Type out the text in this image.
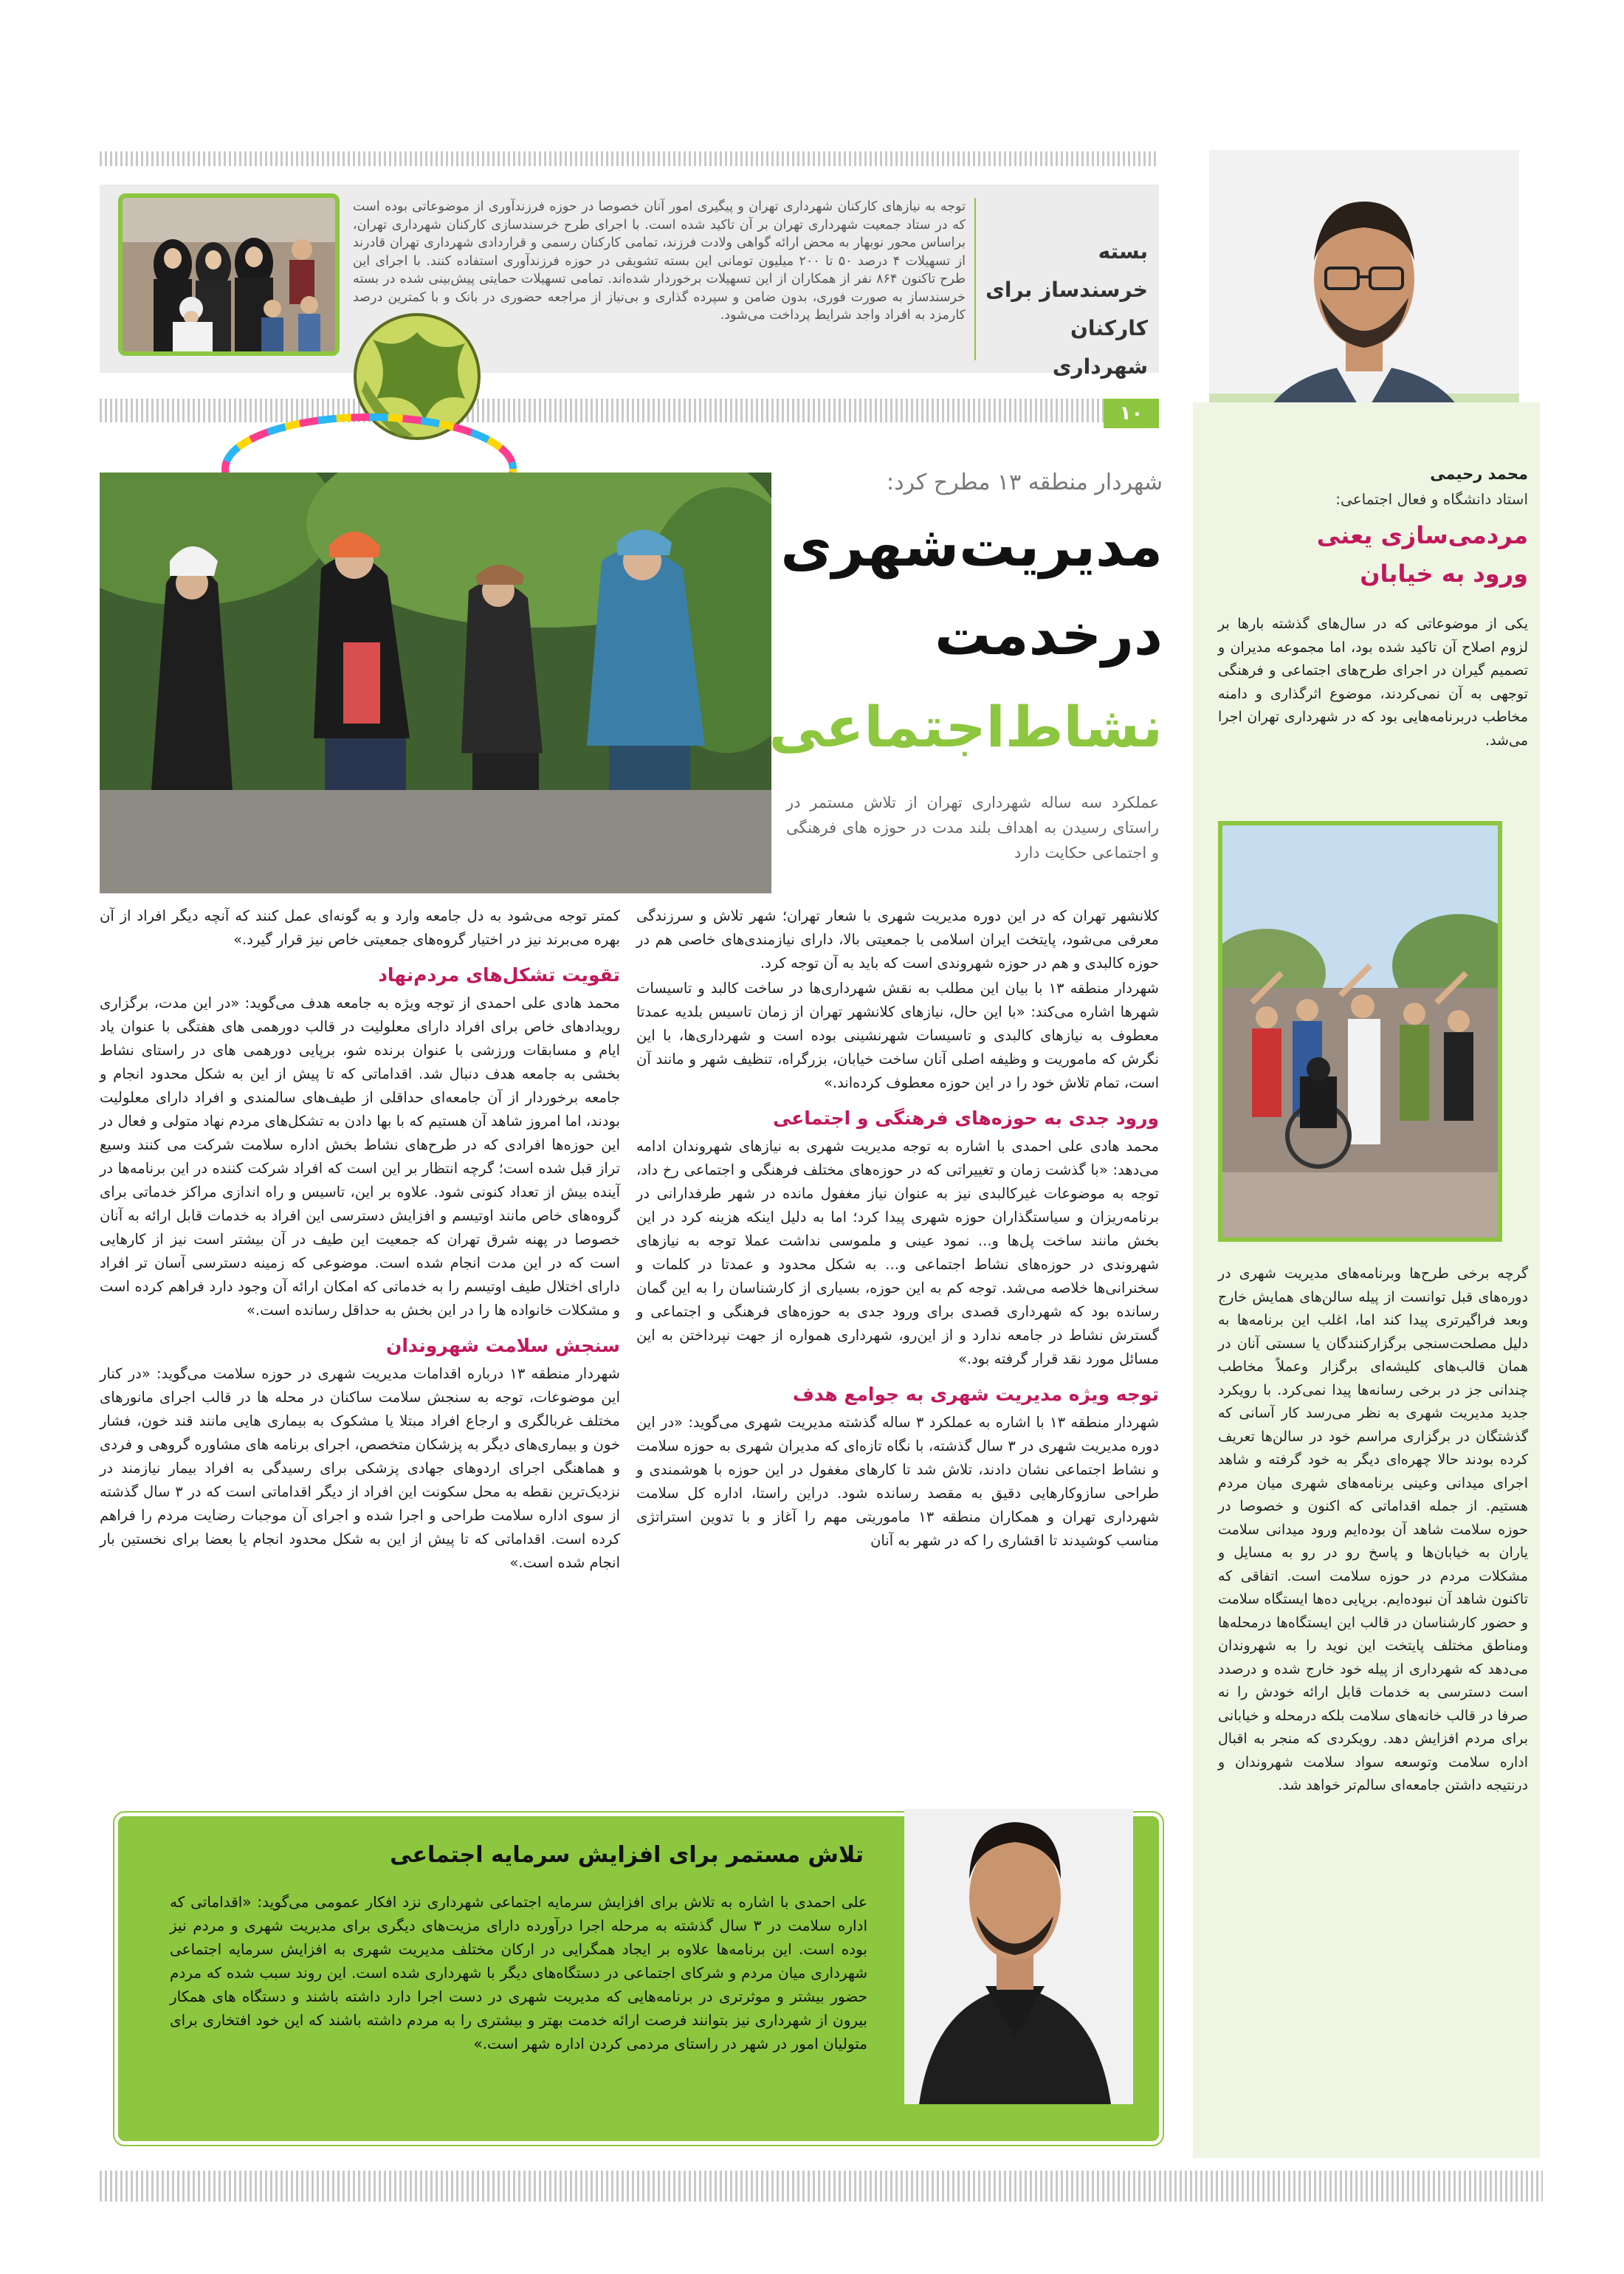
بسته خرسندساز برای کارکنان شهرداری

توجه به نیازهای کارکنان شهرداری تهران و پیگیری امور آنان خصوصا در حوزه فرزندآوری از موضوعاتی بوده است که در ستاد جمعیت شهرداری تهران بر آن تاکید شده است. با اجرای طرح خرسندسازی کارکنان شهرداری تهران، براساس محور نوبهار به محض ارائه گواهی ولادت فرزند، تمامی کارکنان رسمی و قراردادی شهرداری تهران قادرند از تسهیلات ۴ درصد ۵۰ تا ۲۰۰ میلیون تومانی این بسته تشویقی در حوزه فرزندآوری استفاده کنند. با اجرای این طرح تاکنون ۸۶۴ نفر از همکاران از این تسهیلات برخوردار شده‌اند. تمامی تسهیلات حمایتی پیش‌بینی شده در بسته خرسندساز به صورت فوری، بدون ضامن و سپرده گذاری و بی‌نیاز از مراجعه حضوری در بانک و با کمترین درصد کارمزد به افراد واجد شرایط پرداخت می‌شود.

محمد رحیمی
استاد دانشگاه و فعال اجتماعی:
مردمی‌سازی یعنی
ورود به خیابان

یکی از موضوعاتی که در سال‌های گذشته بارها بر لزوم اصلاح آن تاکید شده بود، اما مجموعه مدیران و تصمیم گیران در اجرای طرح‌های اجتماعی و فرهنگی توجهی به آن نمی‌کردند، موضوع اثرگذاری و دامنه مخاطب دربرنامه‌هایی بود که در شهرداری تهران اجرا می‌شد.

گرچه برخی طرح‌ها وبرنامه‌های مدیریت شهری در دوره‌های قبل توانست از پیله سالن‌های همایش خارج وبعد فراگیرتری پیدا کند اما، اغلب این برنامه‌ها به دلیل مصلحت‌سنجی برگزارکنندگان یا سستی آنان در همان قالب‌های کلیشه‌ای برگزار وعملاً مخاطب چندانی جز در برخی رسانه‌ها پیدا نمی‌کرد. با رویکرد جدید مدیریت شهری به نظر می‌رسد کار آسانی که گذشتگان در برگزاری مراسم خود در سالن‌ها تعریف کرده بودند حالا چهره‌ای دیگر به خود گرفته و شاهد اجرای میدانی وعینی برنامه‌های شهری میان مردم هستیم. از جمله اقداماتی که اکنون و خصوصا در حوزه سلامت شاهد آن بوده‌ایم ورود میدانی سلامت یاران به خیابان‌ها و پاسخ رو در رو به مسایل و مشکلات مردم در حوزه سلامت است. اتفاقی که تاکنون شاهد آن نبوده‌ایم. برپایی ده‌ها ایستگاه سلامت و حضور کارشناسان در قالب این ایستگاه‌ها درمحله‌ها ومناطق مختلف پایتخت این نوید را به شهروندان می‌دهد که شهرداری از پیله خود خارج شده و درصدد است دسترسی به خدمات قابل ارائه خودش را نه صرفا در قالب خانه‌های سلامت بلکه درمحله و خیابانی برای مردم افزایش دهد. رویکردی که منجر به اقبال اداره سلامت وتوسعه سواد سلامت شهروندان و درنتیجه داشتن جامعه‌ای سالم‌تر خواهد شد.

۱۰
شهردار منطقه ۱۳ مطرح کرد:
مدیریت‌شهری
درخدمت
نشاط‌اجتماعی
عملکرد سه ساله شهرداری تهران از تلاش مستمر در راستای رسیدن به اهداف بلند مدت در حوزه های فرهنگی و اجتماعی حکایت دارد

کلانشهر تهران که در این دوره مدیریت شهری با شعار تهران؛ شهر تلاش و سرزندگی معرفی می‌شود، پایتخت ایران اسلامی با جمعیتی بالا، دارای نیازمندی‌های خاصی هم در حوزه کالبدی و هم در حوزه شهروندی است که باید به آن توجه کرد.

شهردار منطقه ۱۳ با بیان این مطلب به نقش شهرداری‌ها در ساخت کالبد و تاسیسات شهرها اشاره می‌کند: «با این حال، نیازهای کلانشهر تهران از زمان تاسیس بلدیه عمدتا معطوف به نیازهای کالبدی و تاسیسات شهرنشینی بوده است و شهرداری‌ها، با این نگرش که ماموریت و وظیفه اصلی آنان ساخت خیابان، بزرگراه، تنظیف شهر و مانند آن است، تمام تلاش خود را در این حوزه معطوف کرده‌اند.»

ورود جدی به حوزه‌های فرهنگی و اجتماعی

محمد هادی علی احمدی با اشاره به توجه مدیریت شهری به نیازهای شهروندان ادامه می‌دهد: «با گذشت زمان و تغییراتی که در حوزه‌های مختلف فرهنگی و اجتماعی رخ داد، توجه به موضوعات غیرکالبدی نیز به عنوان نیاز مغفول مانده در شهر طرفدارانی در برنامه‌ریزان و سیاستگذاران حوزه شهری پیدا کرد؛ اما به دلیل اینکه هزینه کرد در این بخش مانند ساخت پل‌ها و... نمود عینی و ملموسی نداشت عملا توجه به نیازهای شهروندی در حوزه‌های نشاط اجتماعی و... به شکل محدود و عمدتا در کلمات و سخنرانی‌ها خلاصه می‌شد. توجه کم به این حوزه، بسیاری از کارشناسان را به این گمان رسانده بود که شهرداری قصدی برای ورود جدی به حوزه‌های فرهنگی و اجتماعی و گسترش نشاط در جامعه ندارد و از این‌رو، شهرداری همواره از جهت نپرداختن به این مسائل مورد نقد قرار گرفته بود.»

توجه ویژه مدیریت شهری به جوامع هدف

شهردار منطقه ۱۳ با اشاره به عملکرد ۳ ساله گذشته مدیریت شهری می‌گوید: «در این دوره مدیریت شهری در ۳ سال گذشته، با نگاه تازه‌ای که مدیران شهری به حوزه سلامت و نشاط اجتماعی نشان دادند، تلاش شد تا کارهای مغفول در این حوزه با هوشمندی و طراحی سازوکارهایی دقیق به مقصد رسانده شود. دراین راستا، اداره کل سلامت شهرداری تهران و همکاران منطقه ۱۳ ماموریتی مهم را آغاز و با تدوین استراتژی مناسب کوشیدند تا اقشاری را که در شهر به آنان

کمتر توجه می‌شود به دل جامعه وارد و به گونه‌ای عمل کنند که آنچه دیگر افراد از آن بهره می‌برند نیز در اختیار گروه‌های جمعیتی خاص نیز قرار گیرد.»

تقویت تشکل‌های مردم‌نهاد

محمد هادی علی احمدی از توجه ویژه به جامعه هدف می‌گوید: «در این مدت، برگزاری رویدادهای خاص برای افراد دارای معلولیت در قالب دورهمی های هفتگی با عنوان یاد ایام و مسابقات ورزشی با عنوان برنده شو، برپایی دورهمی های در راستای نشاط بخشی به جامعه هدف دنبال شد. اقداماتی که تا پیش از این به شکل محدود انجام و جامعه برخوردار از آن جامعه‌ای حداقلی از طیف‌های سالمندی و افراد دارای معلولیت بودند، اما امروز شاهد آن هستیم که با بها دادن به تشکل‌های مردم نهاد متولی و فعال در این حوزه‌ها افرادی که در طرح‌های نشاط بخش اداره سلامت شرکت می کنند وسیع تراز قبل شده است؛ گرچه انتظار بر این است که افراد شرکت کننده در این برنامه‌ها در آینده بیش از تعداد کنونی شود. علاوه بر این، تاسیس و راه اندازی مراکز خدماتی برای گروه‌های خاص مانند اوتیسم و افزایش دسترسی این افراد به خدمات قابل ارائه به آنان خصوصا در پهنه شرق تهران که جمعیت این طیف در آن بیشتر است نیز از کارهایی است که در این مدت انجام شده است. موضوعی که زمینه دسترسی آسان تر افراد دارای اختلال طیف اوتیسم را به خدماتی که امکان ارائه آن وجود دارد فراهم کرده است و مشکلات خانواده ها را در این بخش به حداقل رسانده است.»

سنجش سلامت شهروندان

شهردار منطقه ۱۳ درباره اقدامات مدیریت شهری در حوزه سلامت می‌گوید: «در کنار این موضوعات، توجه به سنجش سلامت ساکنان در محله ها در قالب اجرای مانورهای مختلف غربالگری و ارجاع افراد مبتلا یا مشکوک به بیماری هایی مانند قند خون، فشار خون و بیماری‌های دیگر به پزشکان متخصص، اجرای برنامه های مشاوره گروهی و فردی و هماهنگی اجرای اردوهای جهادی پزشکی برای رسیدگی به افراد بیمار نیازمند در نزدیک‌ترین نقطه به محل سکونت این افراد از دیگر اقداماتی است که در ۳ سال گذشته از سوی اداره سلامت طراحی و اجرا شده و اجرای آن موجبات رضایت مردم را فراهم کرده است. اقداماتی که تا پیش از این به شکل محدود انجام یا بعضا برای نخستین بار انجام شده است.»

تلاش مستمر برای افزایش سرمایه اجتماعی

علی احمدی با اشاره به تلاش برای افزایش سرمایه اجتماعی شهرداری نزد افکار عمومی می‌گوید: «اقداماتی که اداره سلامت در ۳ سال گذشته به مرحله اجرا درآورده دارای مزیت‌های دیگری برای مدیریت شهری و مردم نیز بوده است. این برنامه‌ها علاوه بر ایجاد همگرایی در ارکان مختلف مدیریت شهری به افزایش سرمایه اجتماعی شهرداری میان مردم و شرکای اجتماعی در دستگاه‌های دیگر با شهرداری شده است. این روند سبب شده که مردم حضور بیشتر و موثرتری در برنامه‌هایی که مدیریت شهری در دست اجرا دارد داشته باشند و دستگاه های همکار بیرون از شهرداری نیز بتوانند فرصت ارائه خدمت بهتر و بیشتری را به مردم داشته باشند که این خود افتخاری برای متولیان امور در شهر در راستای مردمی کردن اداره شهر است.»
